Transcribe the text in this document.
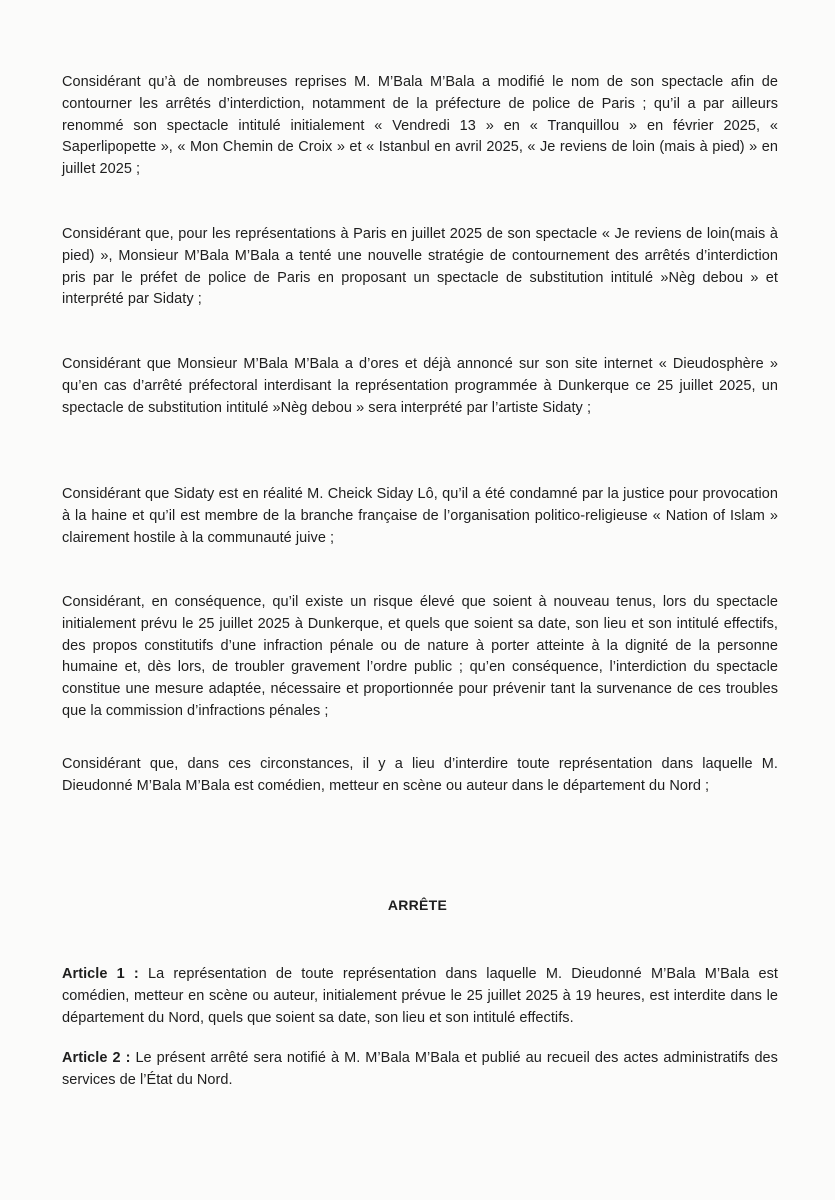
Considérant qu’à de nombreuses reprises M. M’Bala M’Bala a modifié le nom de son spectacle afin de contourner les arrêtés d’interdiction, notamment de la préfecture de police de Paris ; qu’il a par ailleurs renommé son spectacle intitulé initialement « Vendredi 13 » en « Tranquillou » en février 2025, « Saperlipopette », « Mon Chemin de Croix » et « Istanbul en avril 2025, « Je reviens de loin (mais à pied) » en juillet 2025 ;

Considérant que, pour les représentations à Paris en juillet 2025 de son spectacle « Je reviens de loin(mais à pied) », Monsieur M’Bala M’Bala a tenté une nouvelle stratégie de contournement des arrêtés d’interdiction pris par le préfet de police de Paris en proposant un spectacle de substitution intitulé »Nèg debou » et interprété par Sidaty ;

Considérant que Monsieur M’Bala M’Bala a d’ores et déjà annoncé sur son site internet « Dieudosphère » qu’en cas d’arrêté préfectoral interdisant la représentation programmée à Dunkerque ce 25 juillet 2025, un spectacle de substitution intitulé »Nèg debou » sera interprété par l’artiste Sidaty ;

Considérant que Sidaty est en réalité M. Cheick Siday Lô, qu’il a été condamné par la justice pour provocation à la haine et qu’il est membre de la branche française de l’organisation politico-religieuse « Nation of Islam » clairement hostile à la communauté juive ;

Considérant, en conséquence, qu’il existe un risque élevé que soient à nouveau tenus, lors du spectacle initialement prévu le 25 juillet 2025 à Dunkerque, et quels que soient sa date, son lieu et son intitulé effectifs, des propos constitutifs d’une infraction pénale ou de nature à porter atteinte à la dignité de la personne humaine et, dès lors, de troubler gravement l’ordre public ; qu’en conséquence, l’interdiction du spectacle constitue une mesure adaptée, nécessaire et proportionnée pour prévenir tant la survenance de ces troubles que la commission d’infractions pénales ;

Considérant que, dans ces circonstances, il y a lieu d’interdire toute représentation dans laquelle M. Dieudonné M’Bala M’Bala est comédien, metteur en scène ou auteur dans le département du Nord ;

ARRÊTE

Article 1 : La représentation de toute représentation dans laquelle M. Dieudonné M’Bala M’Bala est comédien, metteur en scène ou auteur, initialement prévue le 25 juillet 2025 à 19 heures, est interdite dans le département du Nord, quels que soient sa date, son lieu et son intitulé effectifs.

Article 2 : Le présent arrêté sera notifié à M. M’Bala M’Bala et publié au recueil des actes administratifs des services de l’État du Nord.
